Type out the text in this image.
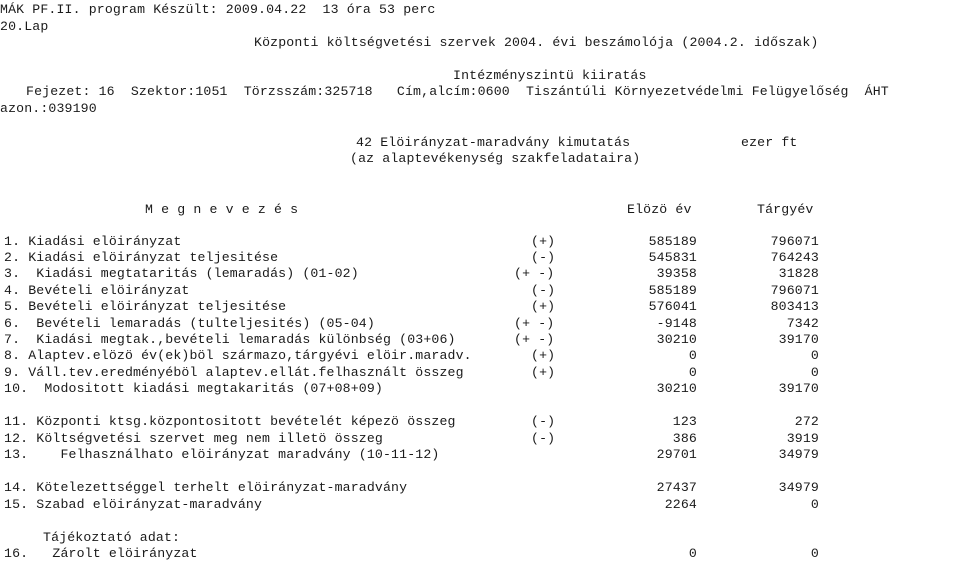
MÁK PF.II. program Készült: 2009.04.22  13 óra 53 perc
20.Lap
Központi költségvetési szervek 2004. évi beszámolója (2004.2. időszak)
Intézményszintü kiiratás
Fejezet: 16  Szektor:1051  Törzsszám:325718   Cím,alcím:0600  Tiszántúli Környezetvédelmi Felügyelőség  ÁHT
azon.:039190
42 Elöirányzat-maradvány kimutatás	ezer ft
(az alaptevékenység szakfeladataira)
M e g n e v e z é s	Elözö év	Tárgyév
1. Kiadási elöirányzat	(+)	585189	796071
2. Kiadási elöirányzat teljesitése	(-)	545831	764243
3.  Kiadási megtataritás (lemaradás) (01-02)	(+ -)	39358	31828
4. Bevételi elöirányzat	(-)	585189	796071
5. Bevételi elöirányzat teljesitése	(+)	576041	803413
6.  Bevételi lemaradás (tulteljesités) (05-04)	(+ -)	-9148	7342
7.  Kiadási megtak.,bevételi lemaradás különbség (03+06)	(+ -)	30210	39170
8. Alaptev.elözö év(ek)böl származo,tárgyévi elöir.maradv.	(+)	0	0
9. Váll.tev.eredményéböl alaptev.ellát.felhasznált összeg	(+)	0	0
10.  Modositott kiadási megtakaritás (07+08+09)	30210	39170
11. Központi ktsg.központositott bevételét képezö összeg	(-)	123	272
12. Költségvetési szervet meg nem illetö összeg	(-)	386	3919
13.    Felhasználhato elöirányzat maradvány (10-11-12)	29701	34979
14. Kötelezettséggel terhelt elöirányzat-maradvány	27437	34979
15. Szabad elöirányzat-maradvány	2264	0
Tájékoztató adat:
16.   Zárolt elöirányzat	0	0
